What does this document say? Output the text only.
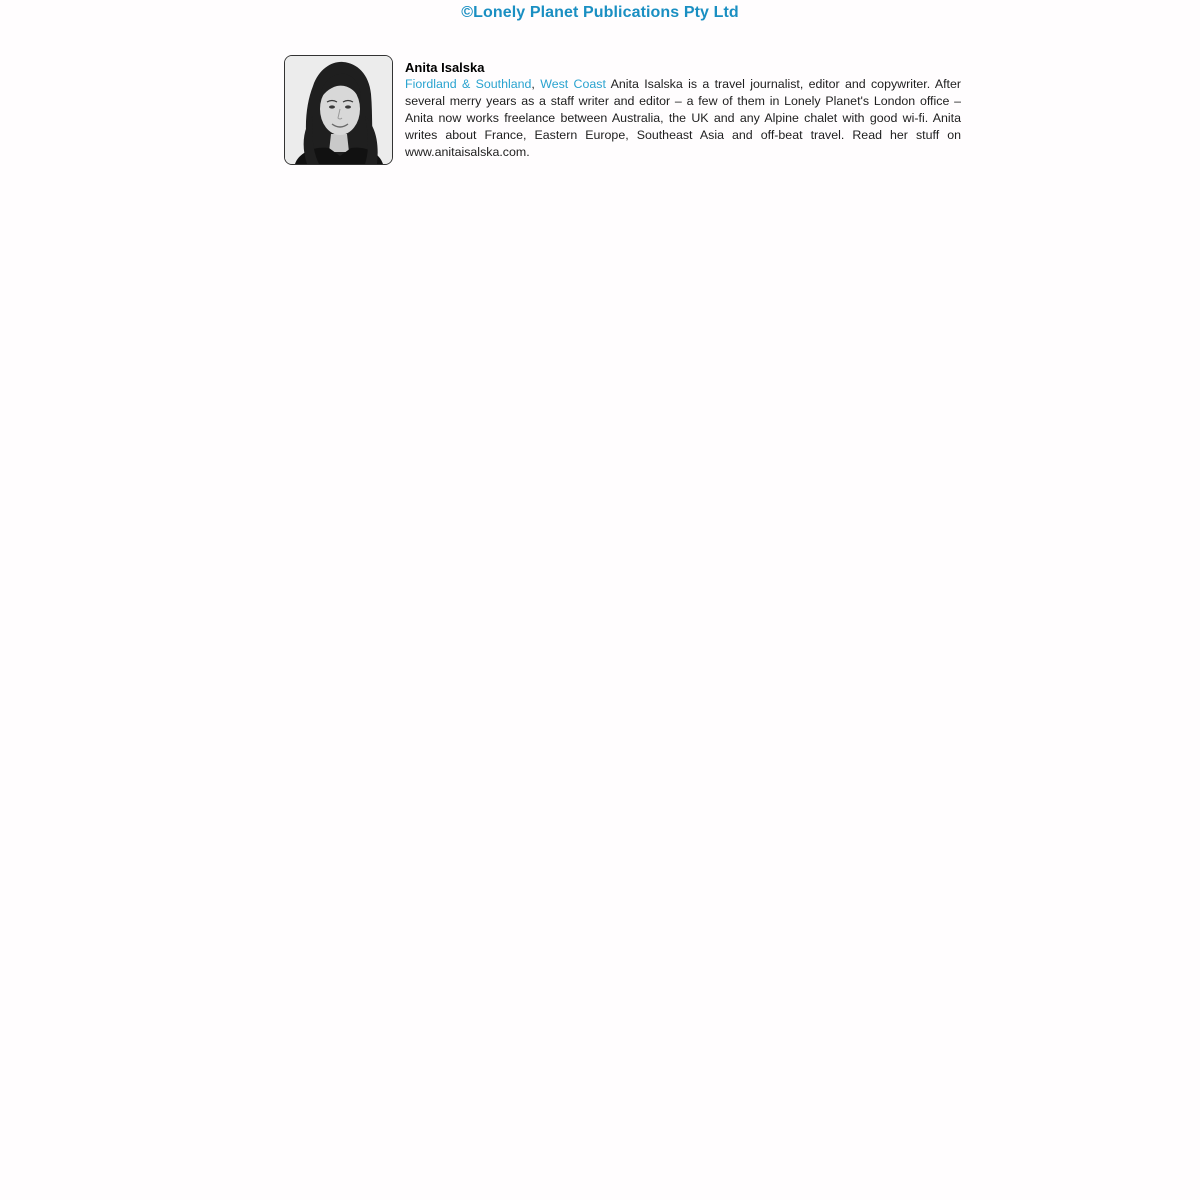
©Lonely Planet Publications Pty Ltd
Anita Isalska

Fiordland & Southland, West Coast Anita Isalska is a travel journalist, editor and copywriter. After several merry years as a staff writer and editor – a few of them in Lonely Planet's London office – Anita now works freelance between Australia, the UK and any Alpine chalet with good wi-fi. Anita writes about France, Eastern Europe, Southeast Asia and off-beat travel. Read her stuff on www.anitaisalska.com.
